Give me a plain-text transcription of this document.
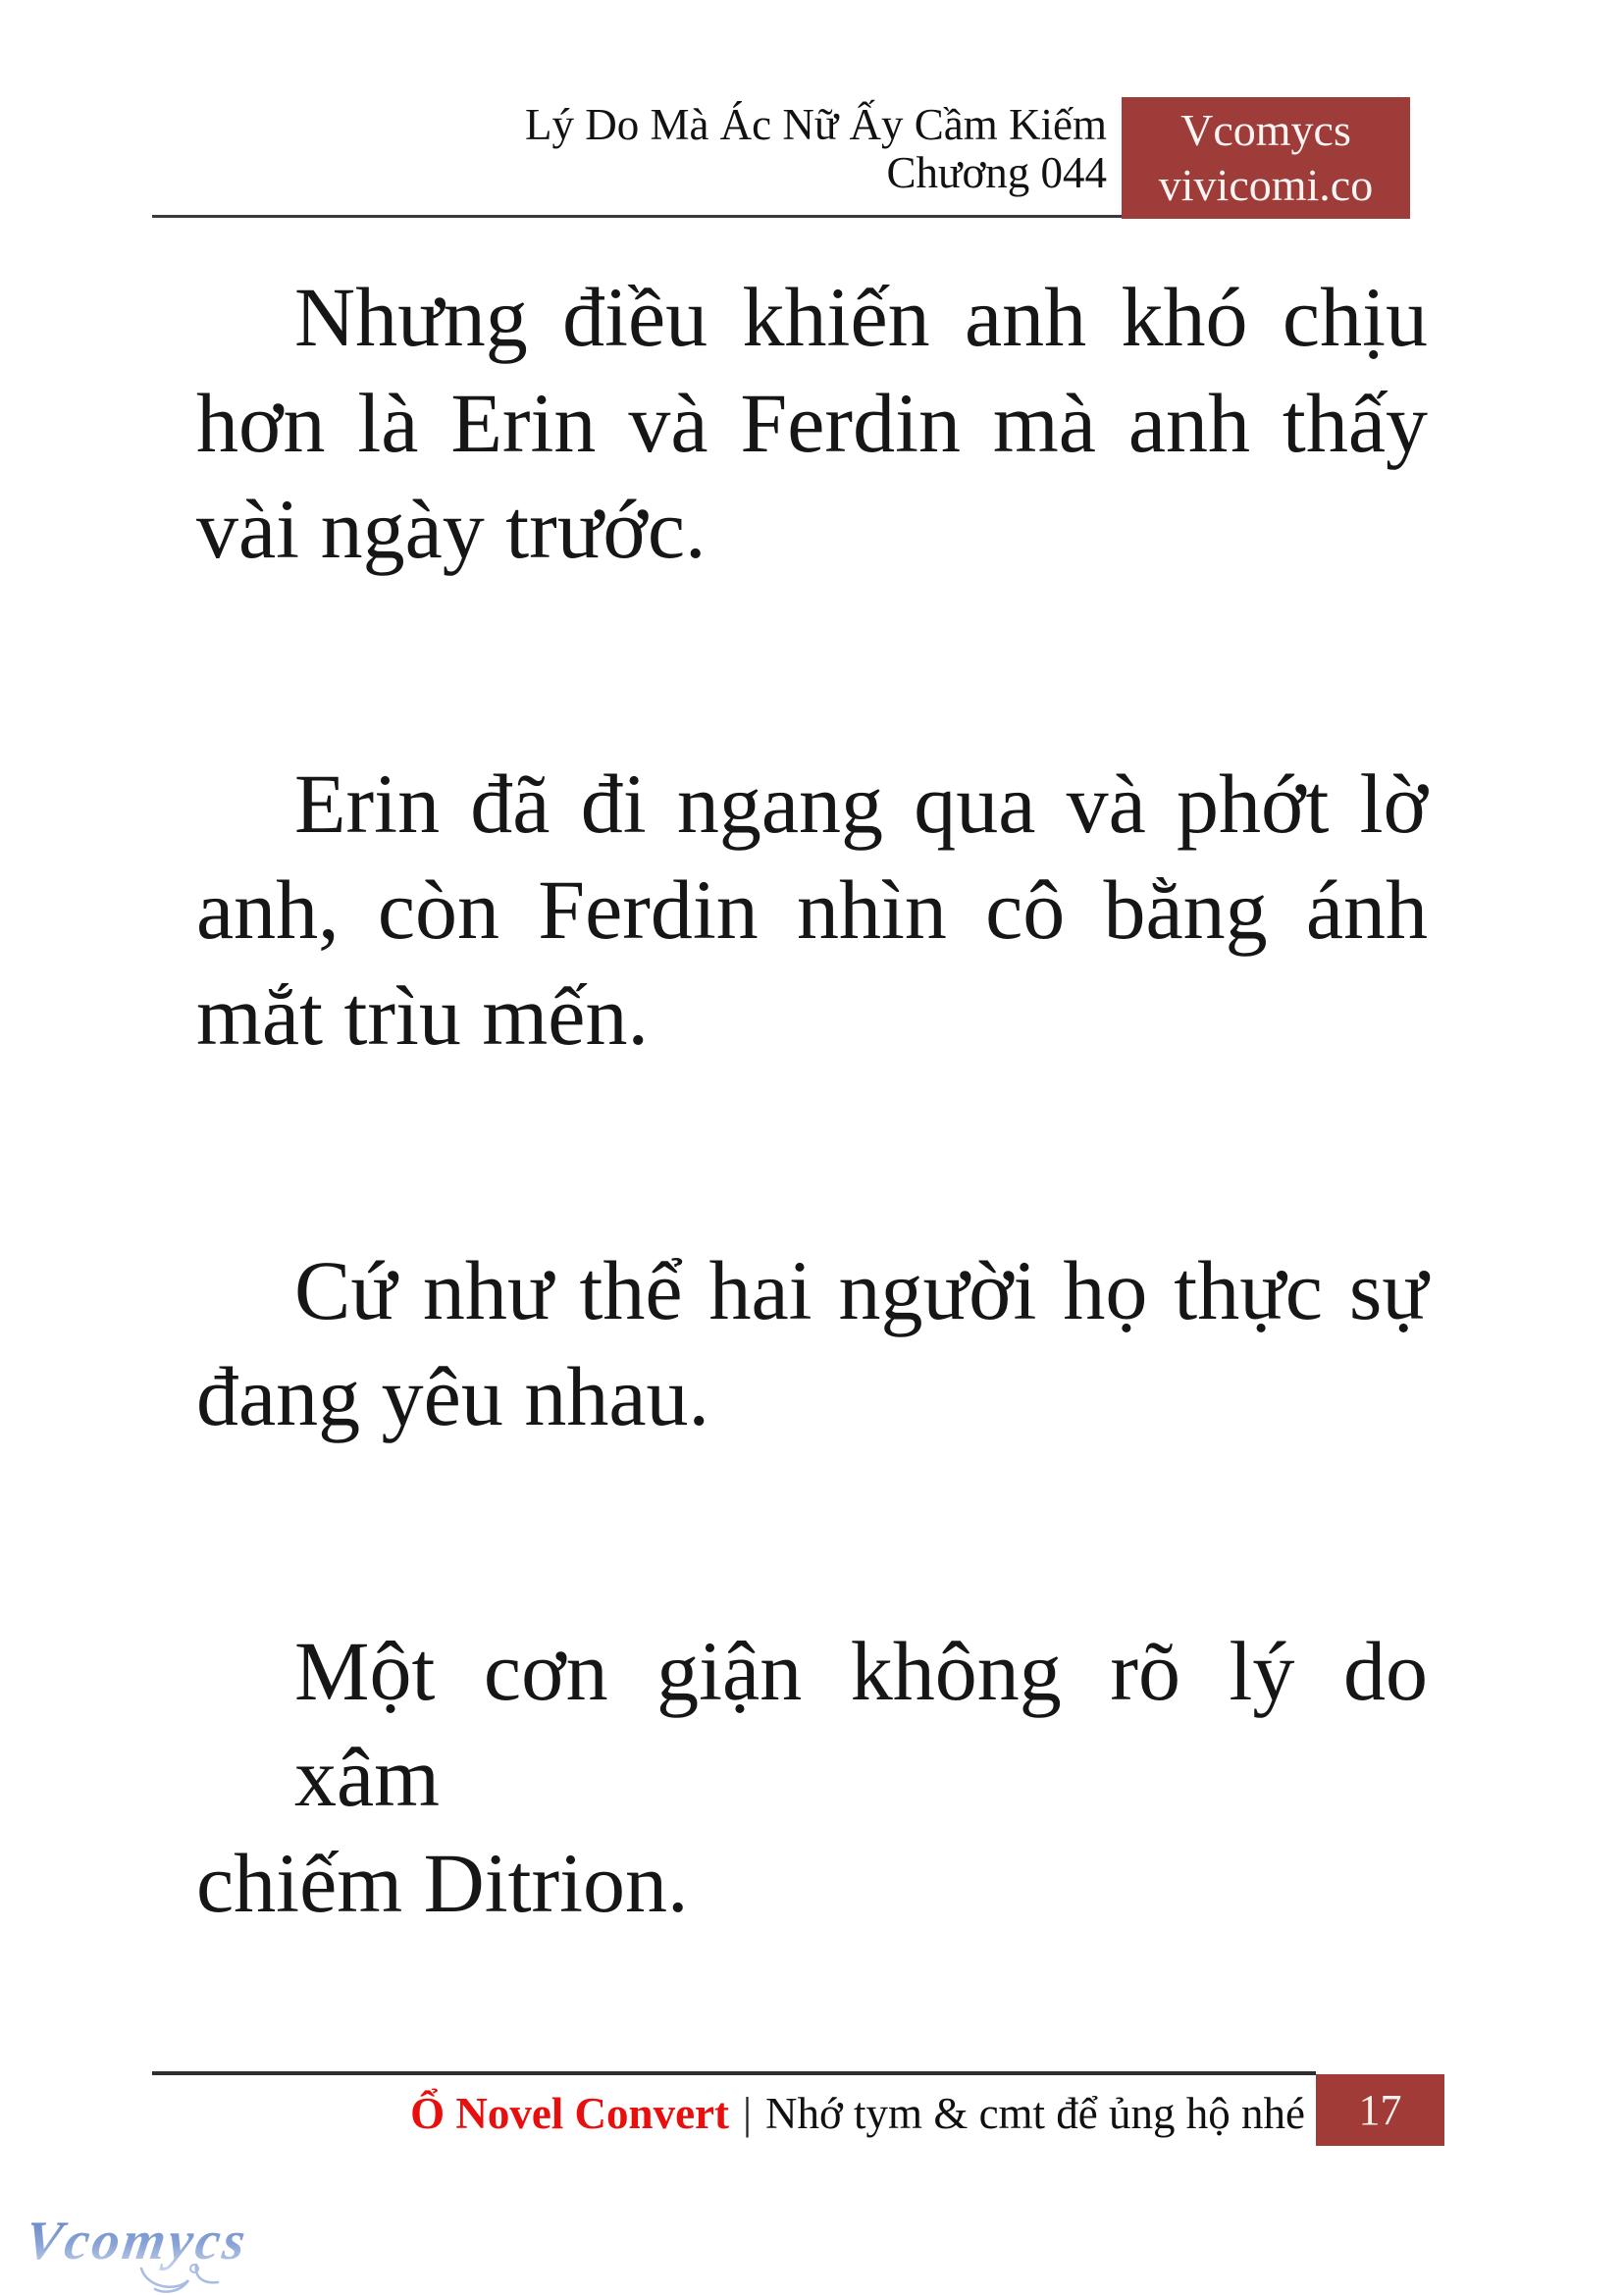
Lý Do Mà Ác Nữ Ấy Cầm Kiếm
Chương 044
Vcomycs
vivicomi.co
Nhưng điều khiến anh khó chịu
hơn là Erin và Ferdin mà anh thấy
vài ngày trước.
Erin đã đi ngang qua và phớt lờ
anh, còn Ferdin nhìn cô bằng ánh
mắt trìu mến.
Cứ như thể hai người họ thực sự
đang yêu nhau.
Một cơn giận không rõ lý do xâm
chiếm Ditrion.
Ổ Novel Convert | Nhớ tym & cmt để ủng hộ nhé 17
Vcomycs
